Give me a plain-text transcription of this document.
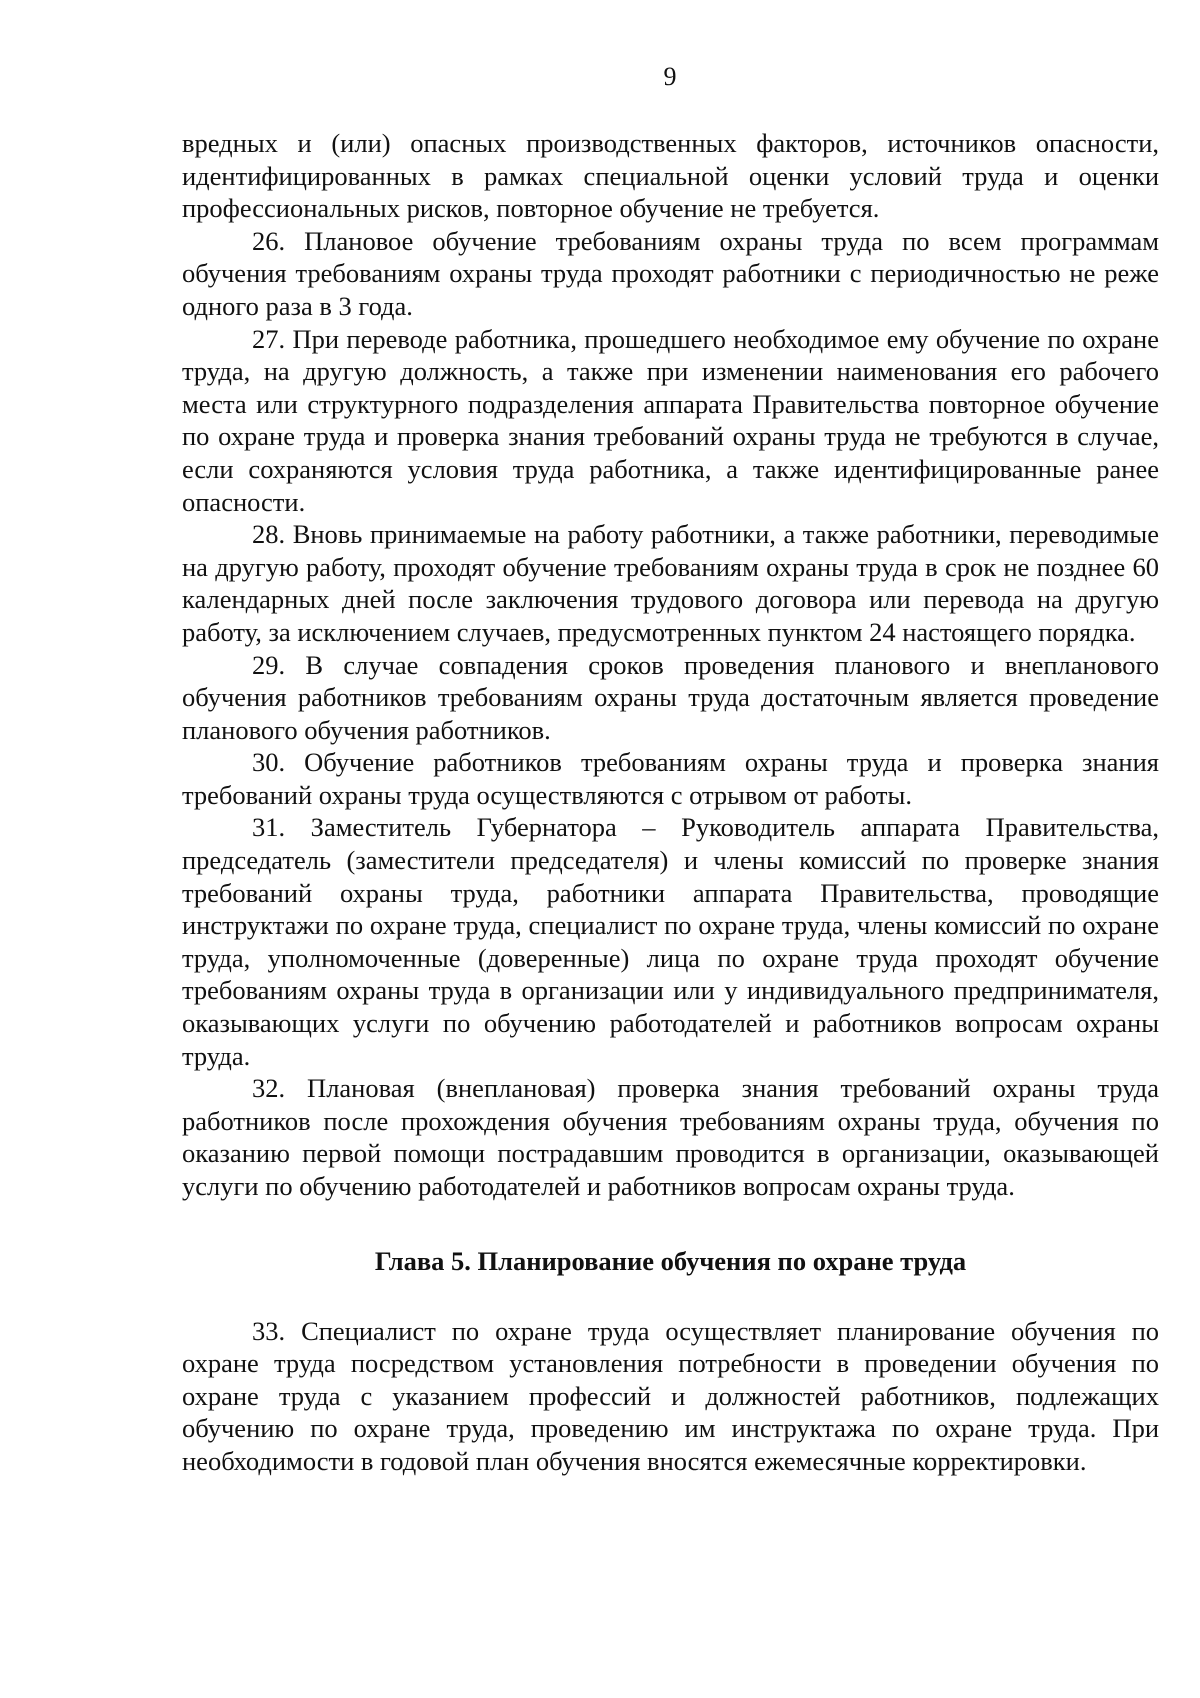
9

вредных и (или) опасных производственных факторов, источников опасности, идентифицированных в рамках специальной оценки условий труда и оценки профессиональных рисков, повторное обучение не требуется.

26. Плановое обучение требованиям охраны труда по всем программам обучения требованиям охраны труда проходят работники с периодичностью не реже одного раза в 3 года.

27. При переводе работника, прошедшего необходимое ему обучение по охране труда, на другую должность, а также при изменении наименования его рабочего места или структурного подразделения аппарата Правительства повторное обучение по охране труда и проверка знания требований охраны труда не требуются в случае, если сохраняются условия труда работника, а также идентифицированные ранее опасности.

28. Вновь принимаемые на работу работники, а также работники, переводимые на другую работу, проходят обучение требованиям охраны труда в срок не позднее 60 календарных дней после заключения трудового договора или перевода на другую работу, за исключением случаев, предусмотренных пунктом 24 настоящего порядка.

29. В случае совпадения сроков проведения планового и внепланового обучения работников требованиям охраны труда достаточным является проведение планового обучения работников.

30. Обучение работников требованиям охраны труда и проверка знания требований охраны труда осуществляются с отрывом от работы.

31. Заместитель Губернатора – Руководитель аппарата Правительства, председатель (заместители председателя) и члены комиссий по проверке знания требований охраны труда, работники аппарата Правительства, проводящие инструктажи по охране труда, специалист по охране труда, члены комиссий по охране труда, уполномоченные (доверенные) лица по охране труда проходят обучение требованиям охраны труда в организации или у индивидуального предпринимателя, оказывающих услуги по обучению работодателей и работников вопросам охраны труда.

32. Плановая (внеплановая) проверка знания требований охраны труда работников после прохождения обучения требованиям охраны труда, обучения по оказанию первой помощи пострадавшим проводится в организации, оказывающей услуги по обучению работодателей и работников вопросам охраны труда.

Глава 5. Планирование обучения по охране труда

33. Специалист по охране труда осуществляет планирование обучения по охране труда посредством установления потребности в проведении обучения по охране труда с указанием профессий и должностей работников, подлежащих обучению по охране труда, проведению им инструктажа по охране труда. При необходимости в годовой план обучения вносятся ежемесячные корректировки.
